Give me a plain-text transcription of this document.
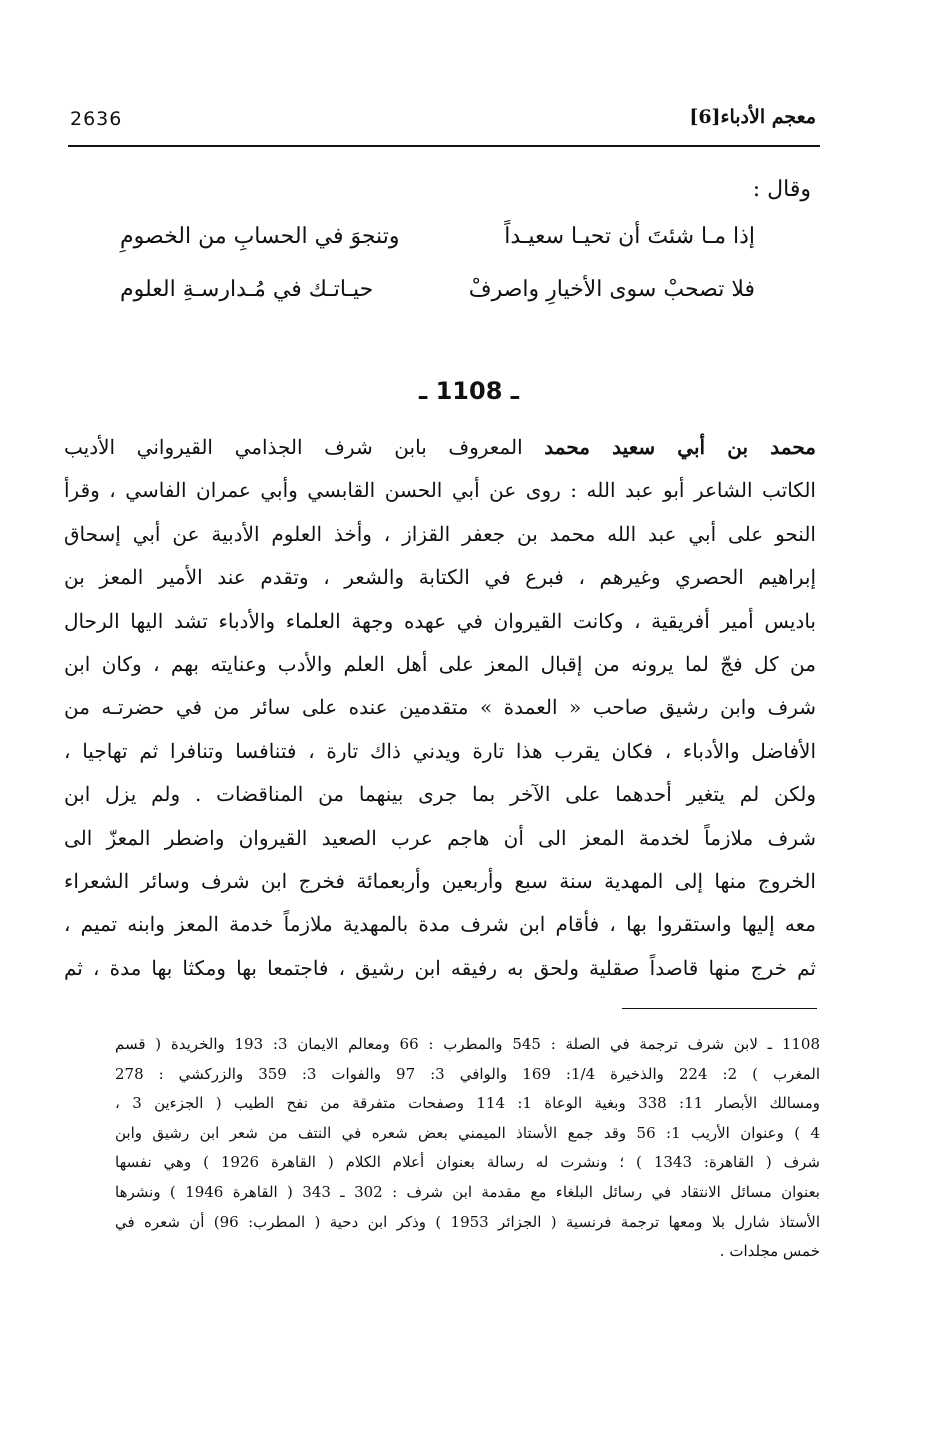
معجم الأدباء[6]
2636
وقال :
إذا مـا شئتَ أن تحيـا سعيـداً
وتنجوَ في الحسابِ من الخصومِ
فلا تصحبْ سوى الأخيارِ واصرفْ
حيـاتـك في مُـدارسـةِ العلوم
ـ 1108 ـ
محمد بن أبي سعيد محمد المعروف بابن شرف الجذامي القيرواني الأديب
الكاتب الشاعر أبو عبد الله : روى عن أبي الحسن القابسي وأبي عمران الفاسي ، وقرأ
النحو على أبي عبد الله محمد بن جعفر القزاز ، وأخذ العلوم الأدبية عن أبي إسحاق
إبراهيم الحصري وغيرهم ، فبرع في الكتابة والشعر ، وتقدم عند الأمير المعز بن
باديس أمير أفريقية ، وكانت القيروان في عهده وجهة العلماء والأدباء تشد اليها الرحال
من كل فجّ لما يرونه من إقبال المعز على أهل العلم والأدب وعنايته بهم ، وكان ابن
شرف وابن رشيق صاحب « العمدة » متقدمين عنده على سائر من في حضرتـه من
الأفاضل والأدباء ، فكان يقرب هذا تارة ويدني ذاك تارة ، فتنافسا وتنافرا ثم تهاجيا ،
ولكن لم يتغير أحدهما على الآخر بما جرى بينهما من المناقضات . ولم يزل ابن
شرف ملازماً لخدمة المعز الى أن هاجم عرب الصعيد القيروان واضطر المعزّ الى
الخروج منها إلى المهدية سنة سبع وأربعين وأربعمائة فخرج ابن شرف وسائر الشعراء
معه إليها واستقروا بها ، فأقام ابن شرف مدة بالمهدية ملازماً خدمة المعز وابنه تميم ،
ثم خرج منها قاصداً صقلية ولحق به رفيقه ابن رشيق ، فاجتمعا بها ومكثا بها مدة ، ثم
1108 ـ لابن شرف ترجمة في الصلة : 545 والمطرب : 66 ومعالم الايمان 3: 193 والخريدة ( قسم
المغرب ) 2: 224 والذخيرة 1/4: 169 والوافي 3: 97 والفوات 3: 359 والزركشي : 278
ومسالك الأبصار 11: 338 وبغية الوعاة 1: 114 وصفحات متفرقة من نفح الطيب ( الجزءين 3 ،
4 ) وعنوان الأريب 1: 56 وقد جمع الأستاذ الميمني بعض شعره في النتف من شعر ابن رشيق وابن
شرف ( القاهرة: 1343 ) ؛ ونشرت له رسالة بعنوان أعلام الكلام ( القاهرة 1926 ) وهي نفسها
بعنوان مسائل الانتقاد في رسائل البلغاء مع مقدمة ابن شرف : 302 ـ 343 ( القاهرة 1946 ) ونشرها
الأستاذ شارل بلا ومعها ترجمة فرنسية ( الجزائر 1953 ) وذكر ابن دحية ( المطرب: 96) أن شعره في
خمس مجلدات .
